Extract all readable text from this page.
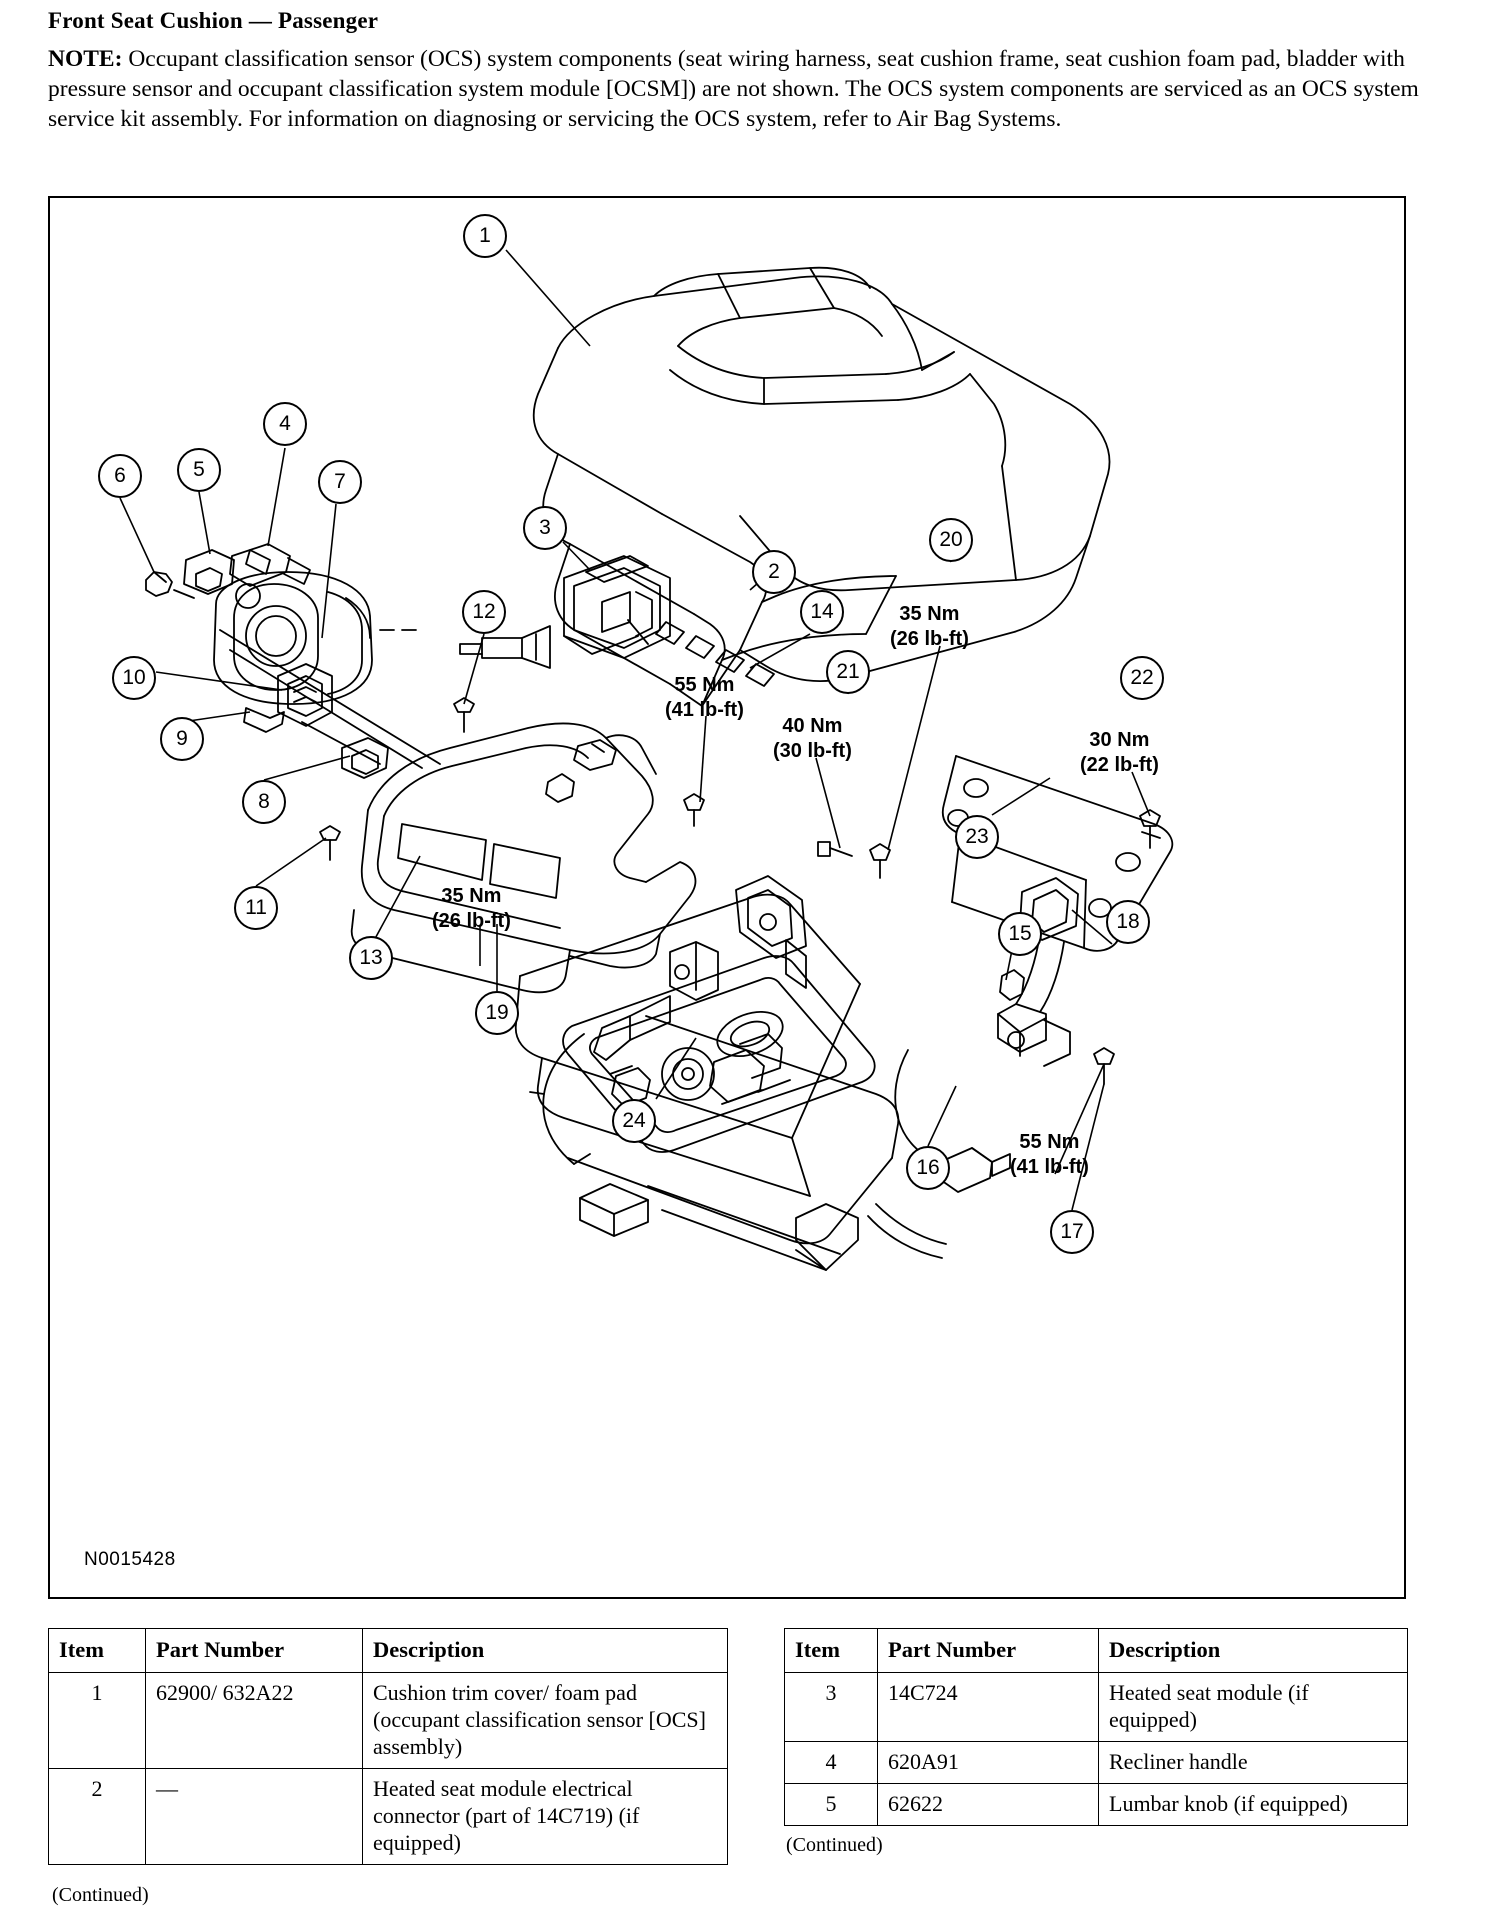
Front Seat Cushion — Passenger
NOTE: Occupant classification sensor (OCS) system components (seat wiring harness, seat cushion frame, seat cushion foam pad, bladder with pressure sensor and occupant classification system module [OCSM]) are not shown. The OCS system components are serviced as an OCS system service kit assembly. For information on diagnosing or servicing the OCS system, refer to Air Bag Systems.
1
2
3
4
5
6	7
8
9
10
11
12
13
14
15
16
17
18
19
20
21	22
23
24
55 Nm
(41 lb-ft)
40 Nm
(30 lb-ft)
35 Nm
(26 lb-ft)
30 Nm
(22 lb-ft)
35 Nm
(26 lb-ft)
55 Nm
(41 lb-ft)
N0015428
Item	Part Number	Description
1	62900/ 632A22	Cushion trim cover/ foam pad (occupant classification sensor [OCS] assembly)
2	—	Heated seat module electrical connector (part of 14C719) (if equipped)
Item	Part Number	Description
3	14C724	Heated seat module (if equipped)
4	620A91	Recliner handle
5	62622	Lumbar knob (if equipped)
(Continued)
(Continued)
